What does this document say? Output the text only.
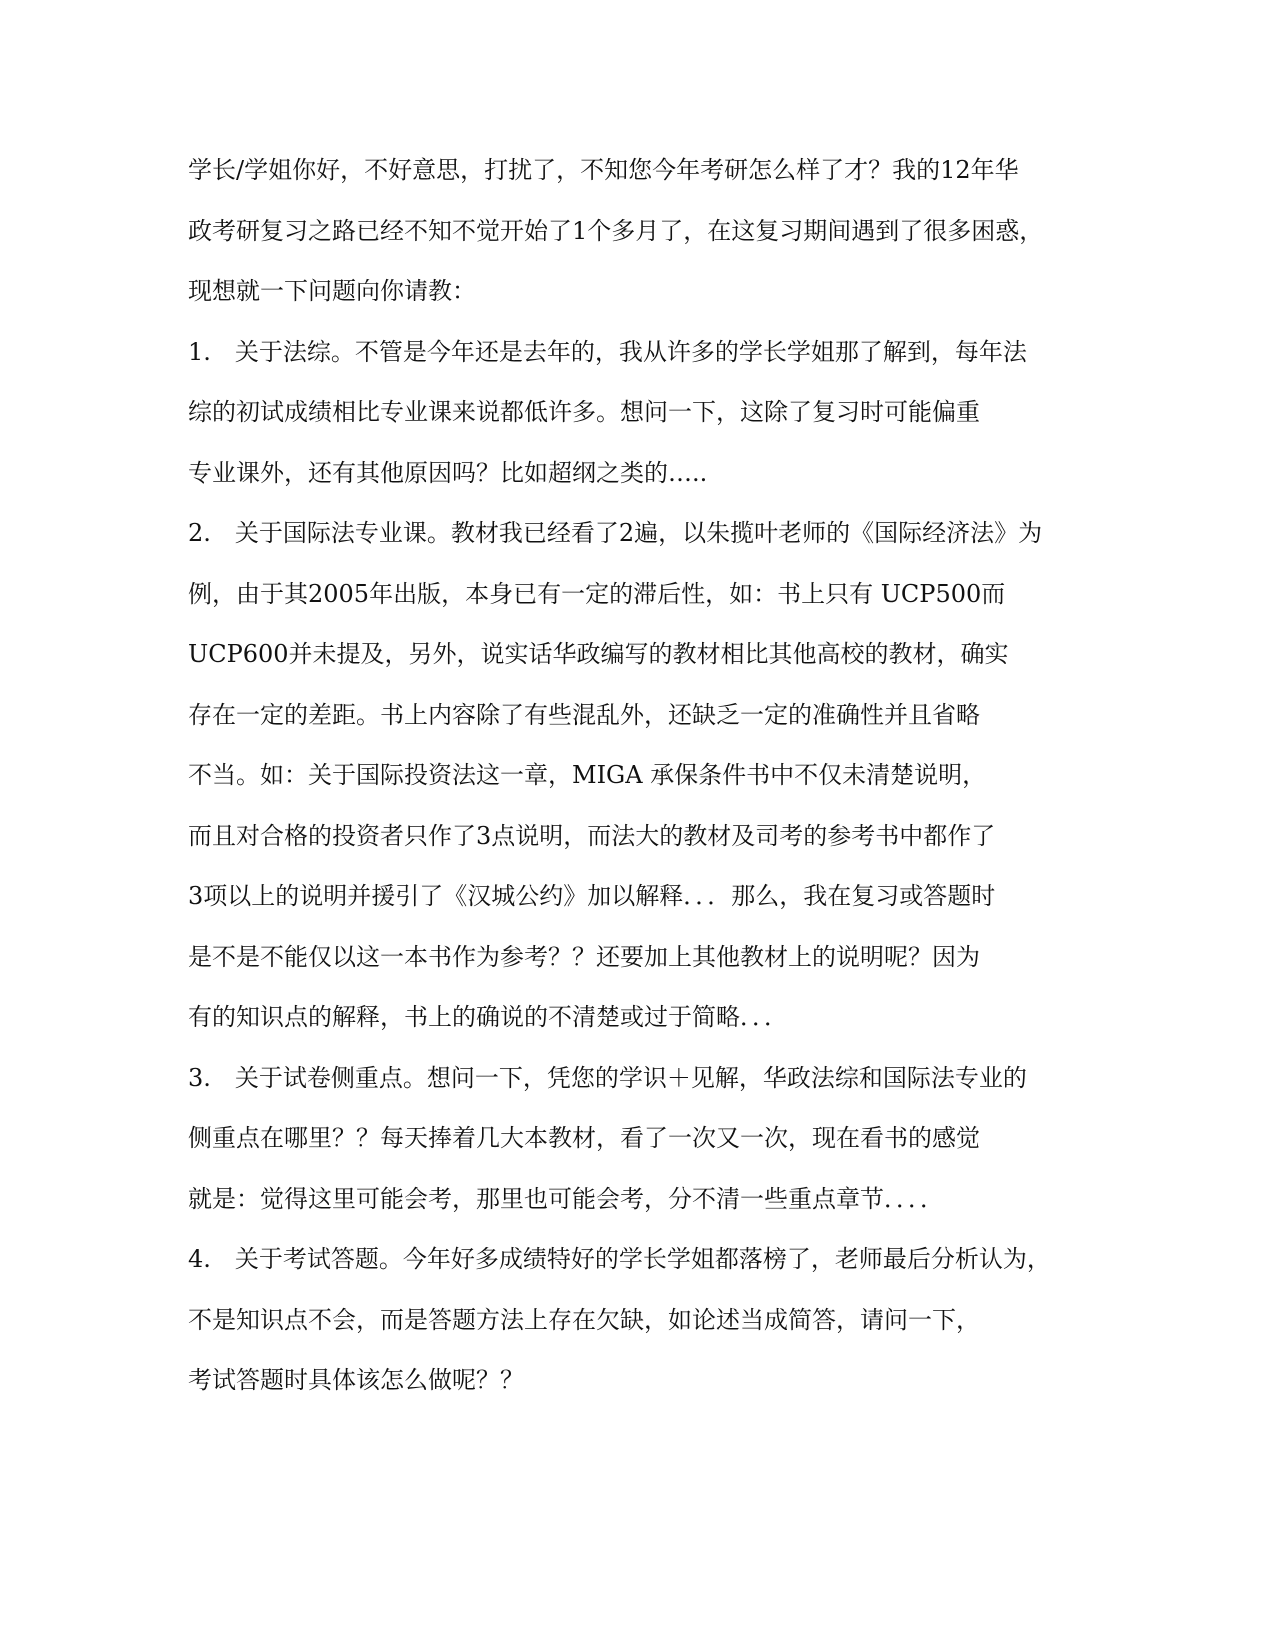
学长/学姐你好，不好意思，打扰了，不知您今年考研怎么样了才？我的12年华
政考研复习之路已经不知不觉开始了1个多月了，在这复习期间遇到了很多困惑，
现想就一下问题向你请教：
1.　关于法综。不管是今年还是去年的，我从许多的学长学姐那了解到，每年法
综的初试成绩相比专业课来说都低许多。想问一下，这除了复习时可能偏重
专业课外，还有其他原因吗？比如超纲之类的…..
2.　关于国际法专业课。教材我已经看了2遍，以朱揽叶老师的《国际经济法》为
例，由于其2005年出版，本身已有一定的滞后性，如：书上只有 UCP500而
UCP600并未提及，另外，说实话华政编写的教材相比其他高校的教材，确实
存在一定的差距。书上内容除了有些混乱外，还缺乏一定的准确性并且省略
不当。如：关于国际投资法这一章，MIGA 承保条件书中不仅未清楚说明，
而且对合格的投资者只作了3点说明，而法大的教材及司考的参考书中都作了
3项以上的说明并援引了《汉城公约》加以解释．．．那么，我在复习或答题时
是不是不能仅以这一本书作为参考？？还要加上其他教材上的说明呢？因为
有的知识点的解释，书上的确说的不清楚或过于简略．．．
3.　关于试卷侧重点。想问一下，凭您的学识＋见解，华政法综和国际法专业的
侧重点在哪里？？每天捧着几大本教材，看了一次又一次，现在看书的感觉
就是：觉得这里可能会考，那里也可能会考，分不清一些重点章节．．．．
4.　关于考试答题。今年好多成绩特好的学长学姐都落榜了，老师最后分析认为，
不是知识点不会，而是答题方法上存在欠缺，如论述当成简答，请问一下，
考试答题时具体该怎么做呢？？
